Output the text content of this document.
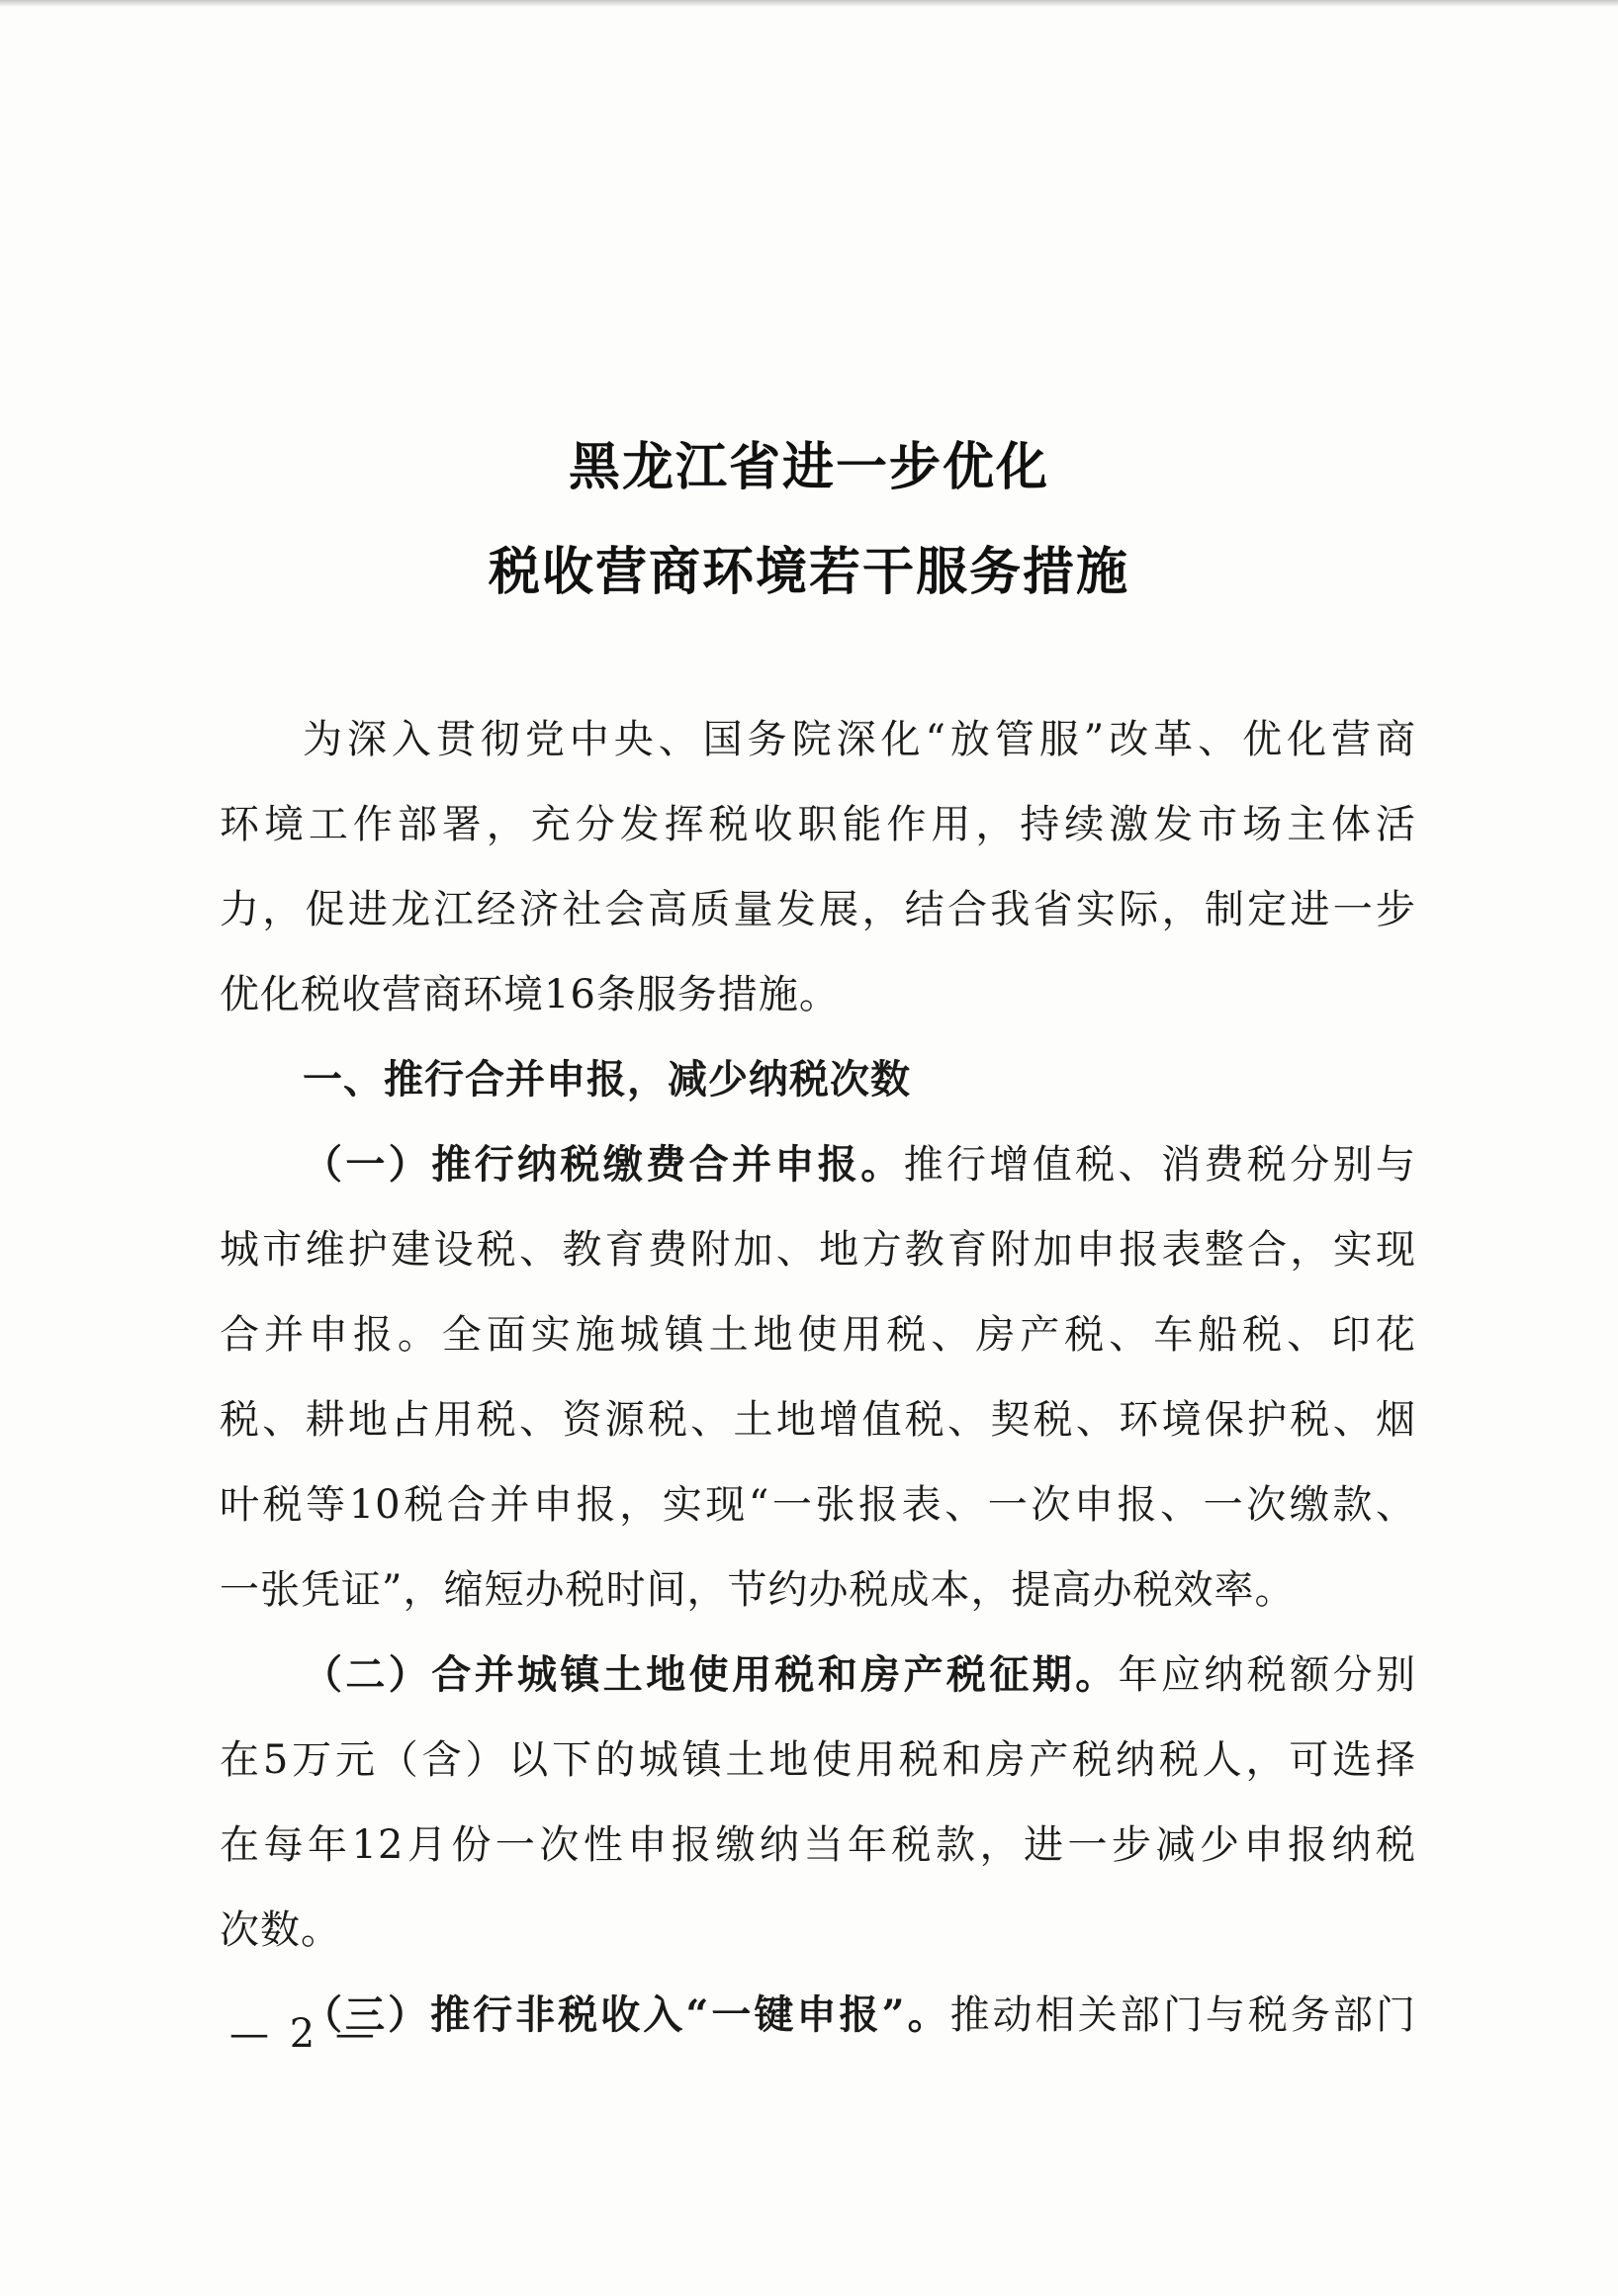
黑龙江省进一步优化
税收营商环境若干服务措施
为深入贯彻党中央、国务院深化“放管服”改革、优化营商
环境工作部署，充分发挥税收职能作用，持续激发市场主体活
力，促进龙江经济社会高质量发展，结合我省实际，制定进一步
优化税收营商环境16条服务措施。
一、推行合并申报，减少纳税次数
（一）推行纳税缴费合并申报。推行增值税、消费税分别与
城市维护建设税、教育费附加、地方教育附加申报表整合，实现
合并申报。全面实施城镇土地使用税、房产税、车船税、印花
税、耕地占用税、资源税、土地增值税、契税、环境保护税、烟
叶税等10税合并申报，实现“一张报表、一次申报、一次缴款、
一张凭证”，缩短办税时间，节约办税成本，提高办税效率。
（二）合并城镇土地使用税和房产税征期。年应纳税额分别
在5万元（含）以下的城镇土地使用税和房产税纳税人，可选择
在每年12月份一次性申报缴纳当年税款，进一步减少申报纳税
次数。
（三）推行非税收入“一键申报”。推动相关部门与税务部门
— 2 —
